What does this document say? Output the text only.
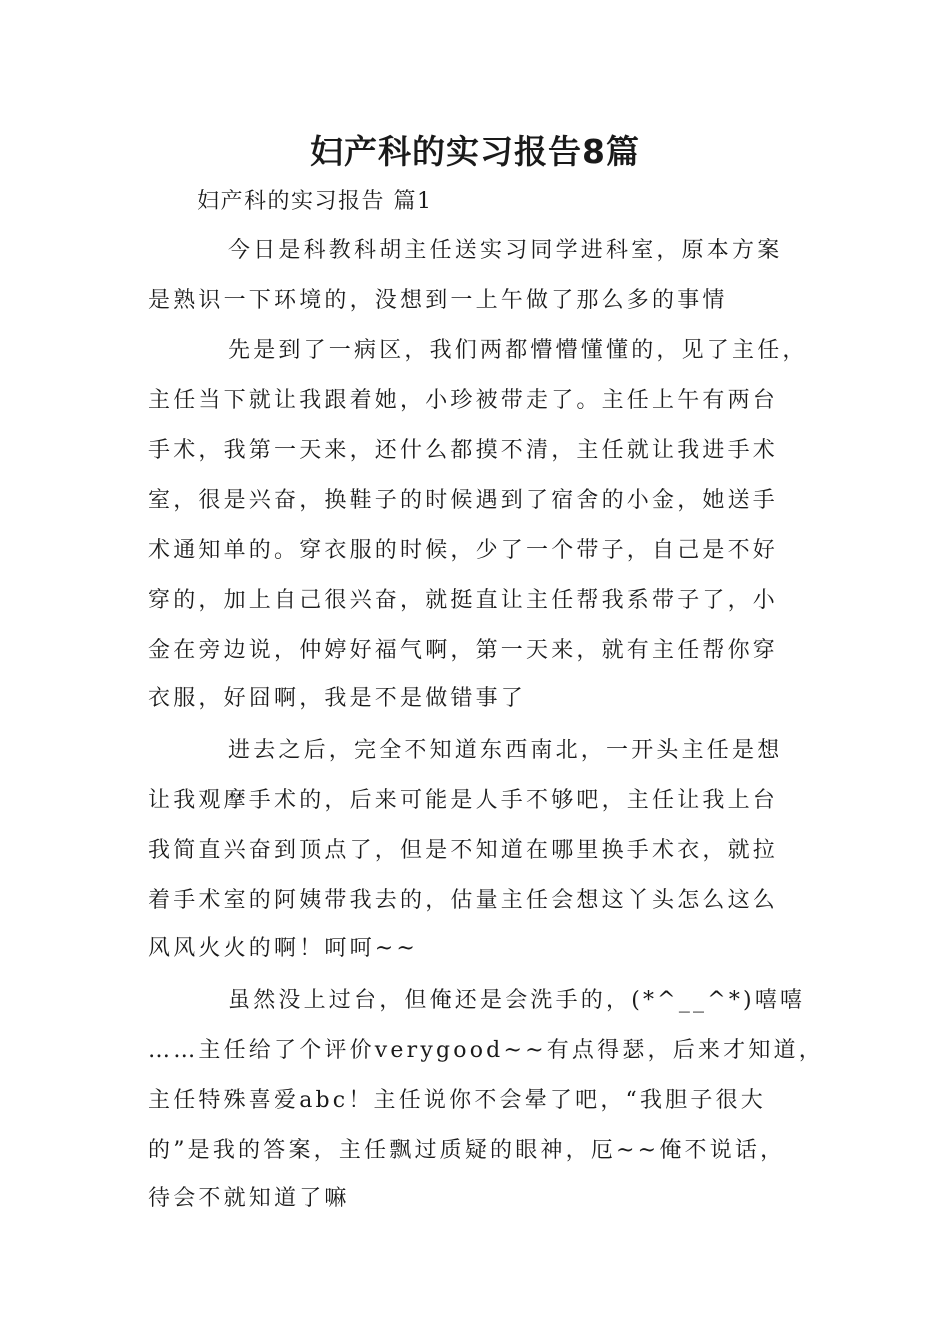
妇产科的实习报告8篇
妇产科的实习报告 篇1
今日是科教科胡主任送实习同学进科室，原本方案
是熟识一下环境的，没想到一上午做了那么多的事情
先是到了一病区，我们两都懵懵懂懂的，见了主任，
主任当下就让我跟着她，小珍被带走了。主任上午有两台
手术，我第一天来，还什么都摸不清，主任就让我进手术
室，很是兴奋，换鞋子的时候遇到了宿舍的小金，她送手
术通知单的。穿衣服的时候，少了一个带子，自己是不好
穿的，加上自己很兴奋，就挺直让主任帮我系带子了，小
金在旁边说，仲婷好福气啊，第一天来，就有主任帮你穿
衣服，好囧啊，我是不是做错事了
进去之后，完全不知道东西南北，一开头主任是想
让我观摩手术的，后来可能是人手不够吧，主任让我上台
我简直兴奋到顶点了，但是不知道在哪里换手术衣，就拉
着手术室的阿姨带我去的，估量主任会想这丫头怎么这么
风风火火的啊！呵呵~~
虽然没上过台，但俺还是会洗手的，(*^__^*)嘻嘻
……主任给了个评价verygood~~有点得瑟，后来才知道，
主任特殊喜爱abc！主任说你不会晕了吧，“我胆子很大
的”是我的答案，主任飘过质疑的眼神，厄~~俺不说话，
待会不就知道了嘛
